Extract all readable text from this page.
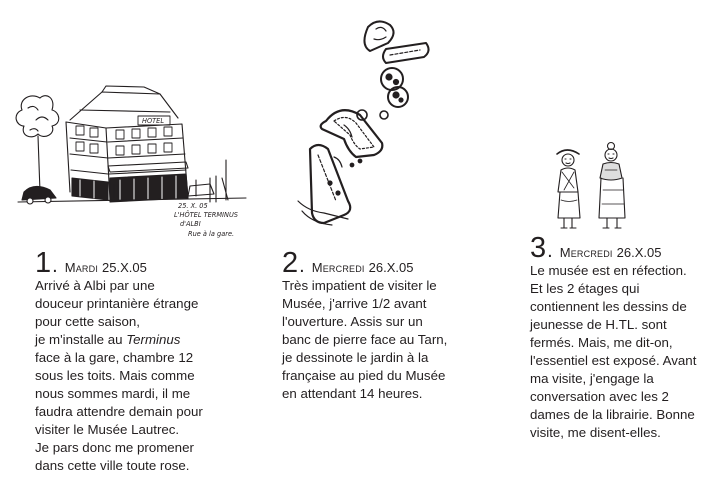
HOTEL
25. X. 05
L'HÔTEL TERMINUS
d'ALBI
Rue à la gare.
1 . Mardi 25.X.05
Arrivé à Albi par une
douceur printanière étrange
pour cette saison,
je m'installe au Terminus
face à la gare, chambre 12
sous les toits. Mais comme
nous sommes mardi, il me
faudra attendre demain pour
visiter le Musée Lautrec.
Je pars donc me promener
dans cette ville toute rose.
2 . Mercredi 26.X.05
Très impatient de visiter le
Musée, j'arrive 1/2 avant
l'ouverture. Assis sur un
banc de pierre face au Tarn,
je dessinote le jardin à la
française au pied du Musée
en attendant 14 heures.
3 . Mercredi 26.X.05
Le musée est en réfection.
Et les 2 étages qui
contiennent les dessins de
jeunesse de H.TL. sont
fermés. Mais, me dit-on,
l'essentiel est exposé. Avant
ma visite, j'engage la
conversation avec les 2
dames de la librairie. Bonne
visite, me disent-elles.
